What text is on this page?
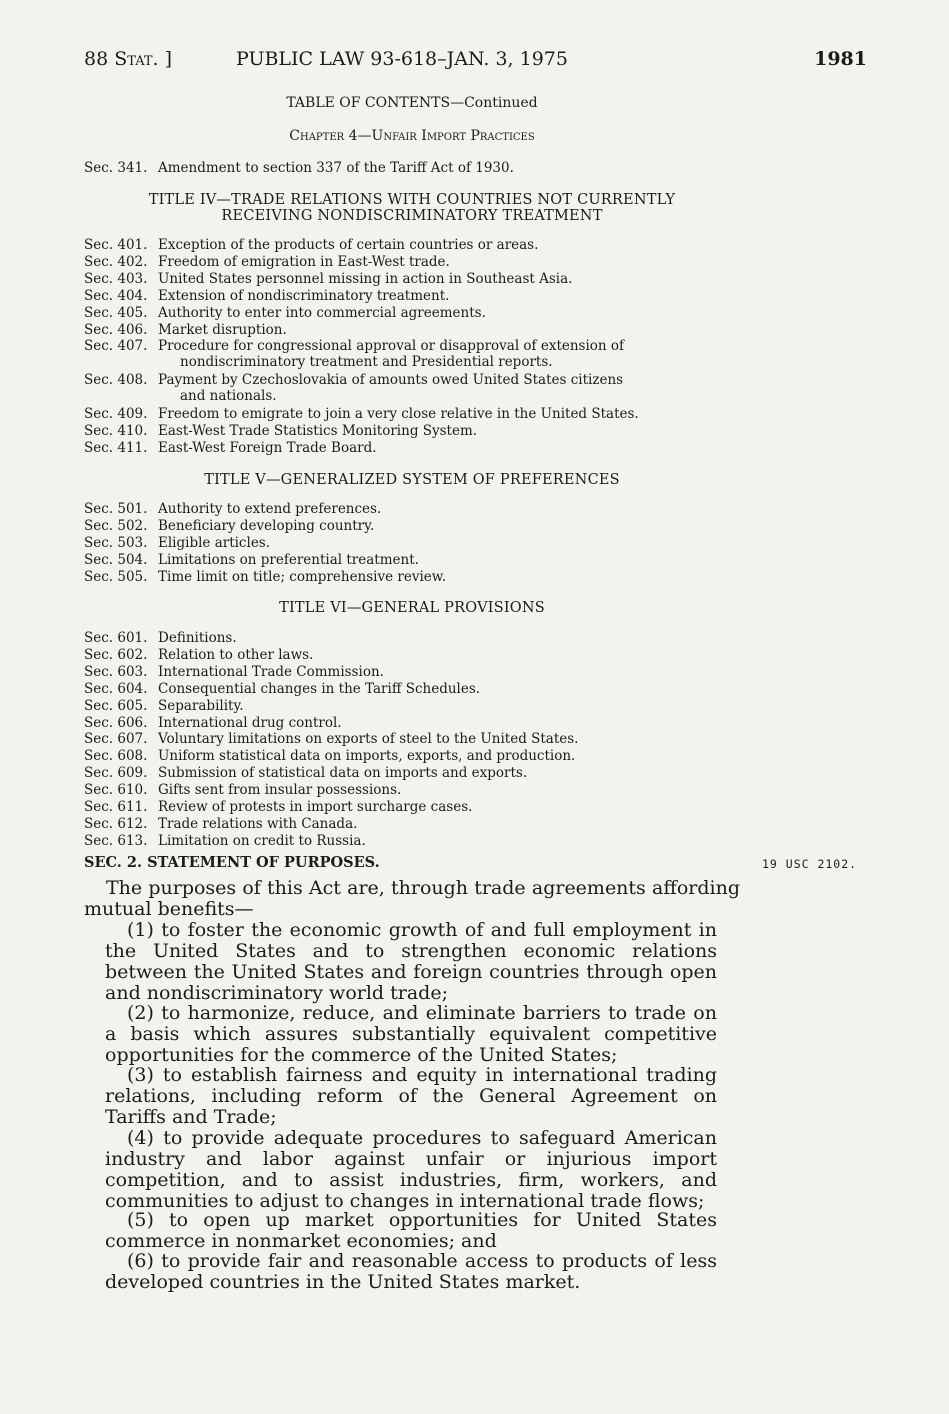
88 Stat. ]	PUBLIC LAW 93-618–JAN. 3, 1975	1981
TABLE OF CONTENTS—Continued
Chapter 4—Unfair Import Practices
Sec. 341. Amendment to section 337 of the Tariff Act of 1930.
TITLE IV—TRADE RELATIONS WITH COUNTRIES NOT CURRENTLY
RECEIVING NONDISCRIMINATORY TREATMENT
Sec. 401. Exception of the products of certain countries or areas.
Sec. 402. Freedom of emigration in East-West trade.
Sec. 403. United States personnel missing in action in Southeast Asia.
Sec. 404. Extension of nondiscriminatory treatment.
Sec. 405. Authority to enter into commercial agreements.
Sec. 406. Market disruption.
Sec. 407. Procedure for congressional approval or disapproval of extension of
nondiscriminatory treatment and Presidential reports.
Sec. 408. Payment by Czechoslovakia of amounts owed United States citizens
and nationals.
Sec. 409. Freedom to emigrate to join a very close relative in the United States.
Sec. 410. East-West Trade Statistics Monitoring System.
Sec. 411. East-West Foreign Trade Board.
TITLE V—GENERALIZED SYSTEM OF PREFERENCES
Sec. 501. Authority to extend preferences.
Sec. 502. Beneficiary developing country.
Sec. 503. Eligible articles.
Sec. 504. Limitations on preferential treatment.
Sec. 505. Time limit on title; comprehensive review.
TITLE VI—GENERAL PROVISIONS
Sec. 601. Definitions.
Sec. 602. Relation to other laws.
Sec. 603. International Trade Commission.
Sec. 604. Consequential changes in the Tariff Schedules.
Sec. 605. Separability.
Sec. 606. International drug control.
Sec. 607. Voluntary limitations on exports of steel to the United States.
Sec. 608. Uniform statistical data on imports, exports, and production.
Sec. 609. Submission of statistical data on imports and exports.
Sec. 610. Gifts sent from insular possessions.
Sec. 611. Review of protests in import surcharge cases.
Sec. 612. Trade relations with Canada.
Sec. 613. Limitation on credit to Russia.
SEC. 2. STATEMENT OF PURPOSES.	19 USC 2102.
The purposes of this Act are, through trade agreements affording mutual benefits—
(1) to foster the economic growth of and full employment in the United States and to strengthen economic relations between the United States and foreign countries through open and nondiscriminatory world trade;
(2) to harmonize, reduce, and eliminate barriers to trade on a basis which assures substantially equivalent competitive opportunities for the commerce of the United States;
(3) to establish fairness and equity in international trading relations, including reform of the General Agreement on Tariffs and Trade;
(4) to provide adequate procedures to safeguard American industry and labor against unfair or injurious import competition, and to assist industries, firm, workers, and communities to adjust to changes in international trade flows;
(5) to open up market opportunities for United States commerce in nonmarket economies; and
(6) to provide fair and reasonable access to products of less developed countries in the United States market.
